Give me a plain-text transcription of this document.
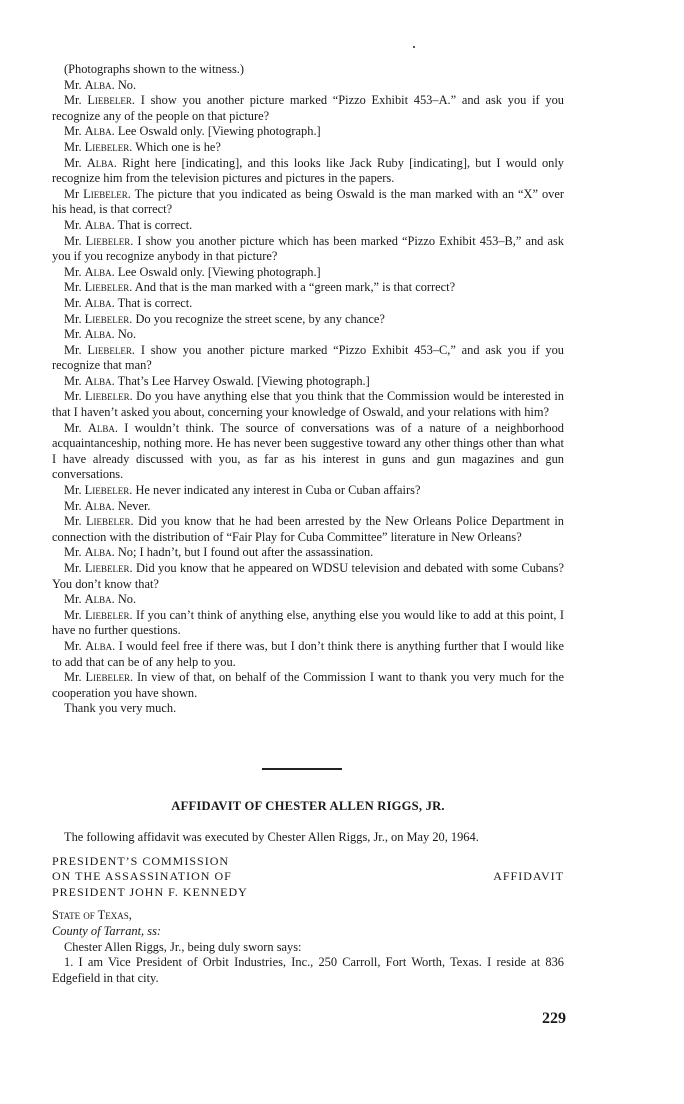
(Photographs shown to the witness.)

Mr. Alba. No.

Mr. Liebeler. I show you another picture marked “Pizzo Exhibit 453–A.” and ask you if you recognize any of the people on that picture?

Mr. Alba. Lee Oswald only. [Viewing photograph.]

Mr. Liebeler. Which one is he?

Mr. Alba. Right here [indicating], and this looks like Jack Ruby [indicating], but I would only recognize him from the television pictures and pictures in the papers.

Mr Liebeler. The picture that you indicated as being Oswald is the man marked with an “X” over his head, is that correct?

Mr. Alba. That is correct.

Mr. Liebeler. I show you another picture which has been marked “Pizzo Exhibit 453–B,” and ask you if you recognize anybody in that picture?

Mr. Alba. Lee Oswald only. [Viewing photograph.]

Mr. Liebeler. And that is the man marked with a “green mark,” is that correct?

Mr. Alba. That is correct.

Mr. Liebeler. Do you recognize the street scene, by any chance?

Mr. Alba. No.

Mr. Liebeler. I show you another picture marked “Pizzo Exhibit 453–C,” and ask you if you recognize that man?

Mr. Alba. That’s Lee Harvey Oswald. [Viewing photograph.]

Mr. Liebeler. Do you have anything else that you think that the Commission would be interested in that I haven’t asked you about, concerning your knowledge of Oswald, and your relations with him?

Mr. Alba. I wouldn’t think. The source of conversations was of a nature of a neighborhood acquaintanceship, nothing more. He has never been suggestive toward any other things other than what I have already discussed with you, as far as his interest in guns and gun magazines and gun conversations.

Mr. Liebeler. He never indicated any interest in Cuba or Cuban affairs?

Mr. Alba. Never.

Mr. Liebeler. Did you know that he had been arrested by the New Orleans Police Department in connection with the distribution of “Fair Play for Cuba Committee” literature in New Orleans?

Mr. Alba. No; I hadn’t, but I found out after the assassination.

Mr. Liebeler. Did you know that he appeared on WDSU television and debated with some Cubans? You don’t know that?

Mr. Alba. No.

Mr. Liebeler. If you can’t think of anything else, anything else you would like to add at this point, I have no further questions.

Mr. Alba. I would feel free if there was, but I don’t think there is anything further that I would like to add that can be of any help to you.

Mr. Liebeler. In view of that, on behalf of the Commission I want to thank you very much for the cooperation you have shown.

Thank you very much.

AFFIDAVIT OF CHESTER ALLEN RIGGS, JR.

The following affidavit was executed by Chester Allen Riggs, Jr., on May 20, 1964.

PRESIDENT’S COMMISSION
ON THE ASSASSINATION OF
PRESIDENT JOHN F. KENNEDY
AFFIDAVIT
State of Texas,
County of Tarrant, ss:

Chester Allen Riggs, Jr., being duly sworn says:

1. I am Vice President of Orbit Industries, Inc., 250 Carroll, Fort Worth, Texas. I reside at 836 Edgefield in that city.

229
